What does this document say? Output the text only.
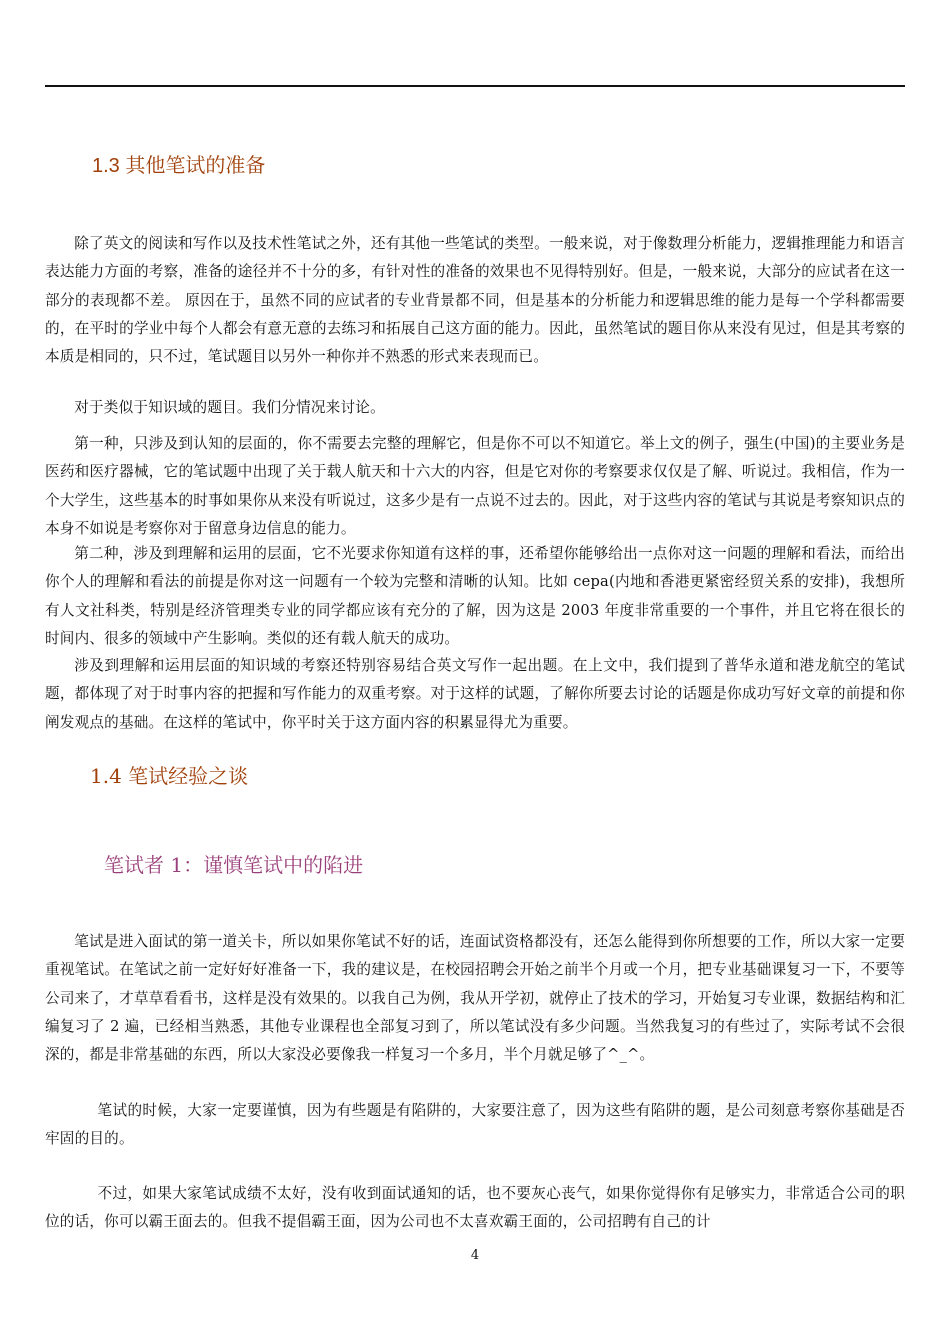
1.3 其他笔试的准备

除了英文的阅读和写作以及技术性笔试之外，还有其他一些笔试的类型。一般来说，对于像数理分析能力，逻辑推理能力和语言表达能力方面的考察，准备的途径并不十分的多，有针对性的准备的效果也不见得特别好。但是，一般来说，大部分的应试者在这一部分的表现都不差。 原因在于，虽然不同的应试者的专业背景都不同，但是基本的分析能力和逻辑思维的能力是每一个学科都需要的，在平时的学业中每个人都会有意无意的去练习和拓展自己这方面的能力。因此，虽然笔试的题目你从来没有见过，但是其考察的本质是相同的，只不过，笔试题目以另外一种你并不熟悉的形式来表现而已。

对于类似于知识域的题目。我们分情况来讨论。

第一种，只涉及到认知的层面的，你不需要去完整的理解它，但是你不可以不知道它。举上文的例子，强生(中国)的主要业务是医药和医疗器械，它的笔试题中出现了关于载人航天和十六大的内容，但是它对你的考察要求仅仅是了解、听说过。我相信，作为一个大学生，这些基本的时事如果你从来没有听说过，这多少是有一点说不过去的。因此，对于这些内容的笔试与其说是考察知识点的本身不如说是考察你对于留意身边信息的能力。

第二种，涉及到理解和运用的层面，它不光要求你知道有这样的事，还希望你能够给出一点你对这一问题的理解和看法，而给出你个人的理解和看法的前提是你对这一问题有一个较为完整和清晰的认知。比如 cepa(内地和香港更紧密经贸关系的安排)，我想所有人文社科类，特别是经济管理类专业的同学都应该有充分的了解，因为这是 2003 年度非常重要的一个事件，并且它将在很长的时间内、很多的领域中产生影响。类似的还有载人航天的成功。

涉及到理解和运用层面的知识域的考察还特别容易结合英文写作一起出题。在上文中，我们提到了普华永道和港龙航空的笔试题，都体现了对于时事内容的把握和写作能力的双重考察。对于这样的试题，了解你所要去讨论的话题是你成功写好文章的前提和你阐发观点的基础。在这样的笔试中，你平时关于这方面内容的积累显得尤为重要。

1.4 笔试经验之谈
笔试者 1：谨慎笔试中的陷进

笔试是进入面试的第一道关卡，所以如果你笔试不好的话，连面试资格都没有，还怎么能得到你所想要的工作，所以大家一定要重视笔试。在笔试之前一定好好好准备一下，我的建议是，在校园招聘会开始之前半个月或一个月，把专业基础课复习一下，不要等公司来了，才草草看看书，这样是没有效果的。以我自己为例，我从开学初，就停止了技术的学习，开始复习专业课，数据结构和汇编复习了 2 遍，已经相当熟悉，其他专业课程也全部复习到了，所以笔试没有多少问题。当然我复习的有些过了，实际考试不会很深的，都是非常基础的东西，所以大家没必要像我一样复习一个多月，半个月就足够了^_^。

笔试的时候，大家一定要谨慎，因为有些题是有陷阱的，大家要注意了，因为这些有陷阱的题，是公司刻意考察你基础是否牢固的目的。

不过，如果大家笔试成绩不太好，没有收到面试通知的话，也不要灰心丧气，如果你觉得你有足够实力，非常适合公司的职位的话，你可以霸王面去的。但我不提倡霸王面，因为公司也不太喜欢霸王面的，公司招聘有自己的计

4
